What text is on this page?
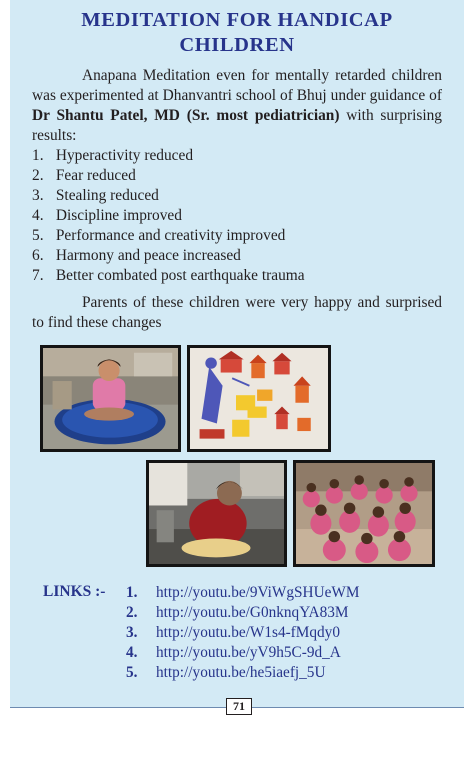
MEDITATION FOR HANDICAP
CHILDREN

Anapana Meditation even for mentally retarded children was experimented at Dhanvantri school of Bhuj under guidance of Dr Shantu Patel, MD (Sr. most pediatrician) with surprising results:

1. Hyperactivity reduced
2. Fear reduced
3. Stealing reduced
4. Discipline improved
5. Performance and creativity improved
6. Harmony and peace increased
7. Better combated post earthquake trauma

Parents of these children were very happy and surprised to find these changes

LINKS :- 1. http://youtu.be/9ViWgSHUeWM
2. http://youtu.be/G0nknqYA83M
3. http://youtu.be/W1s4-fMqdy0
4. http://youtu.be/yV9h5C-9d_A
5. http://youtu.be/he5iaefj_5U
71
